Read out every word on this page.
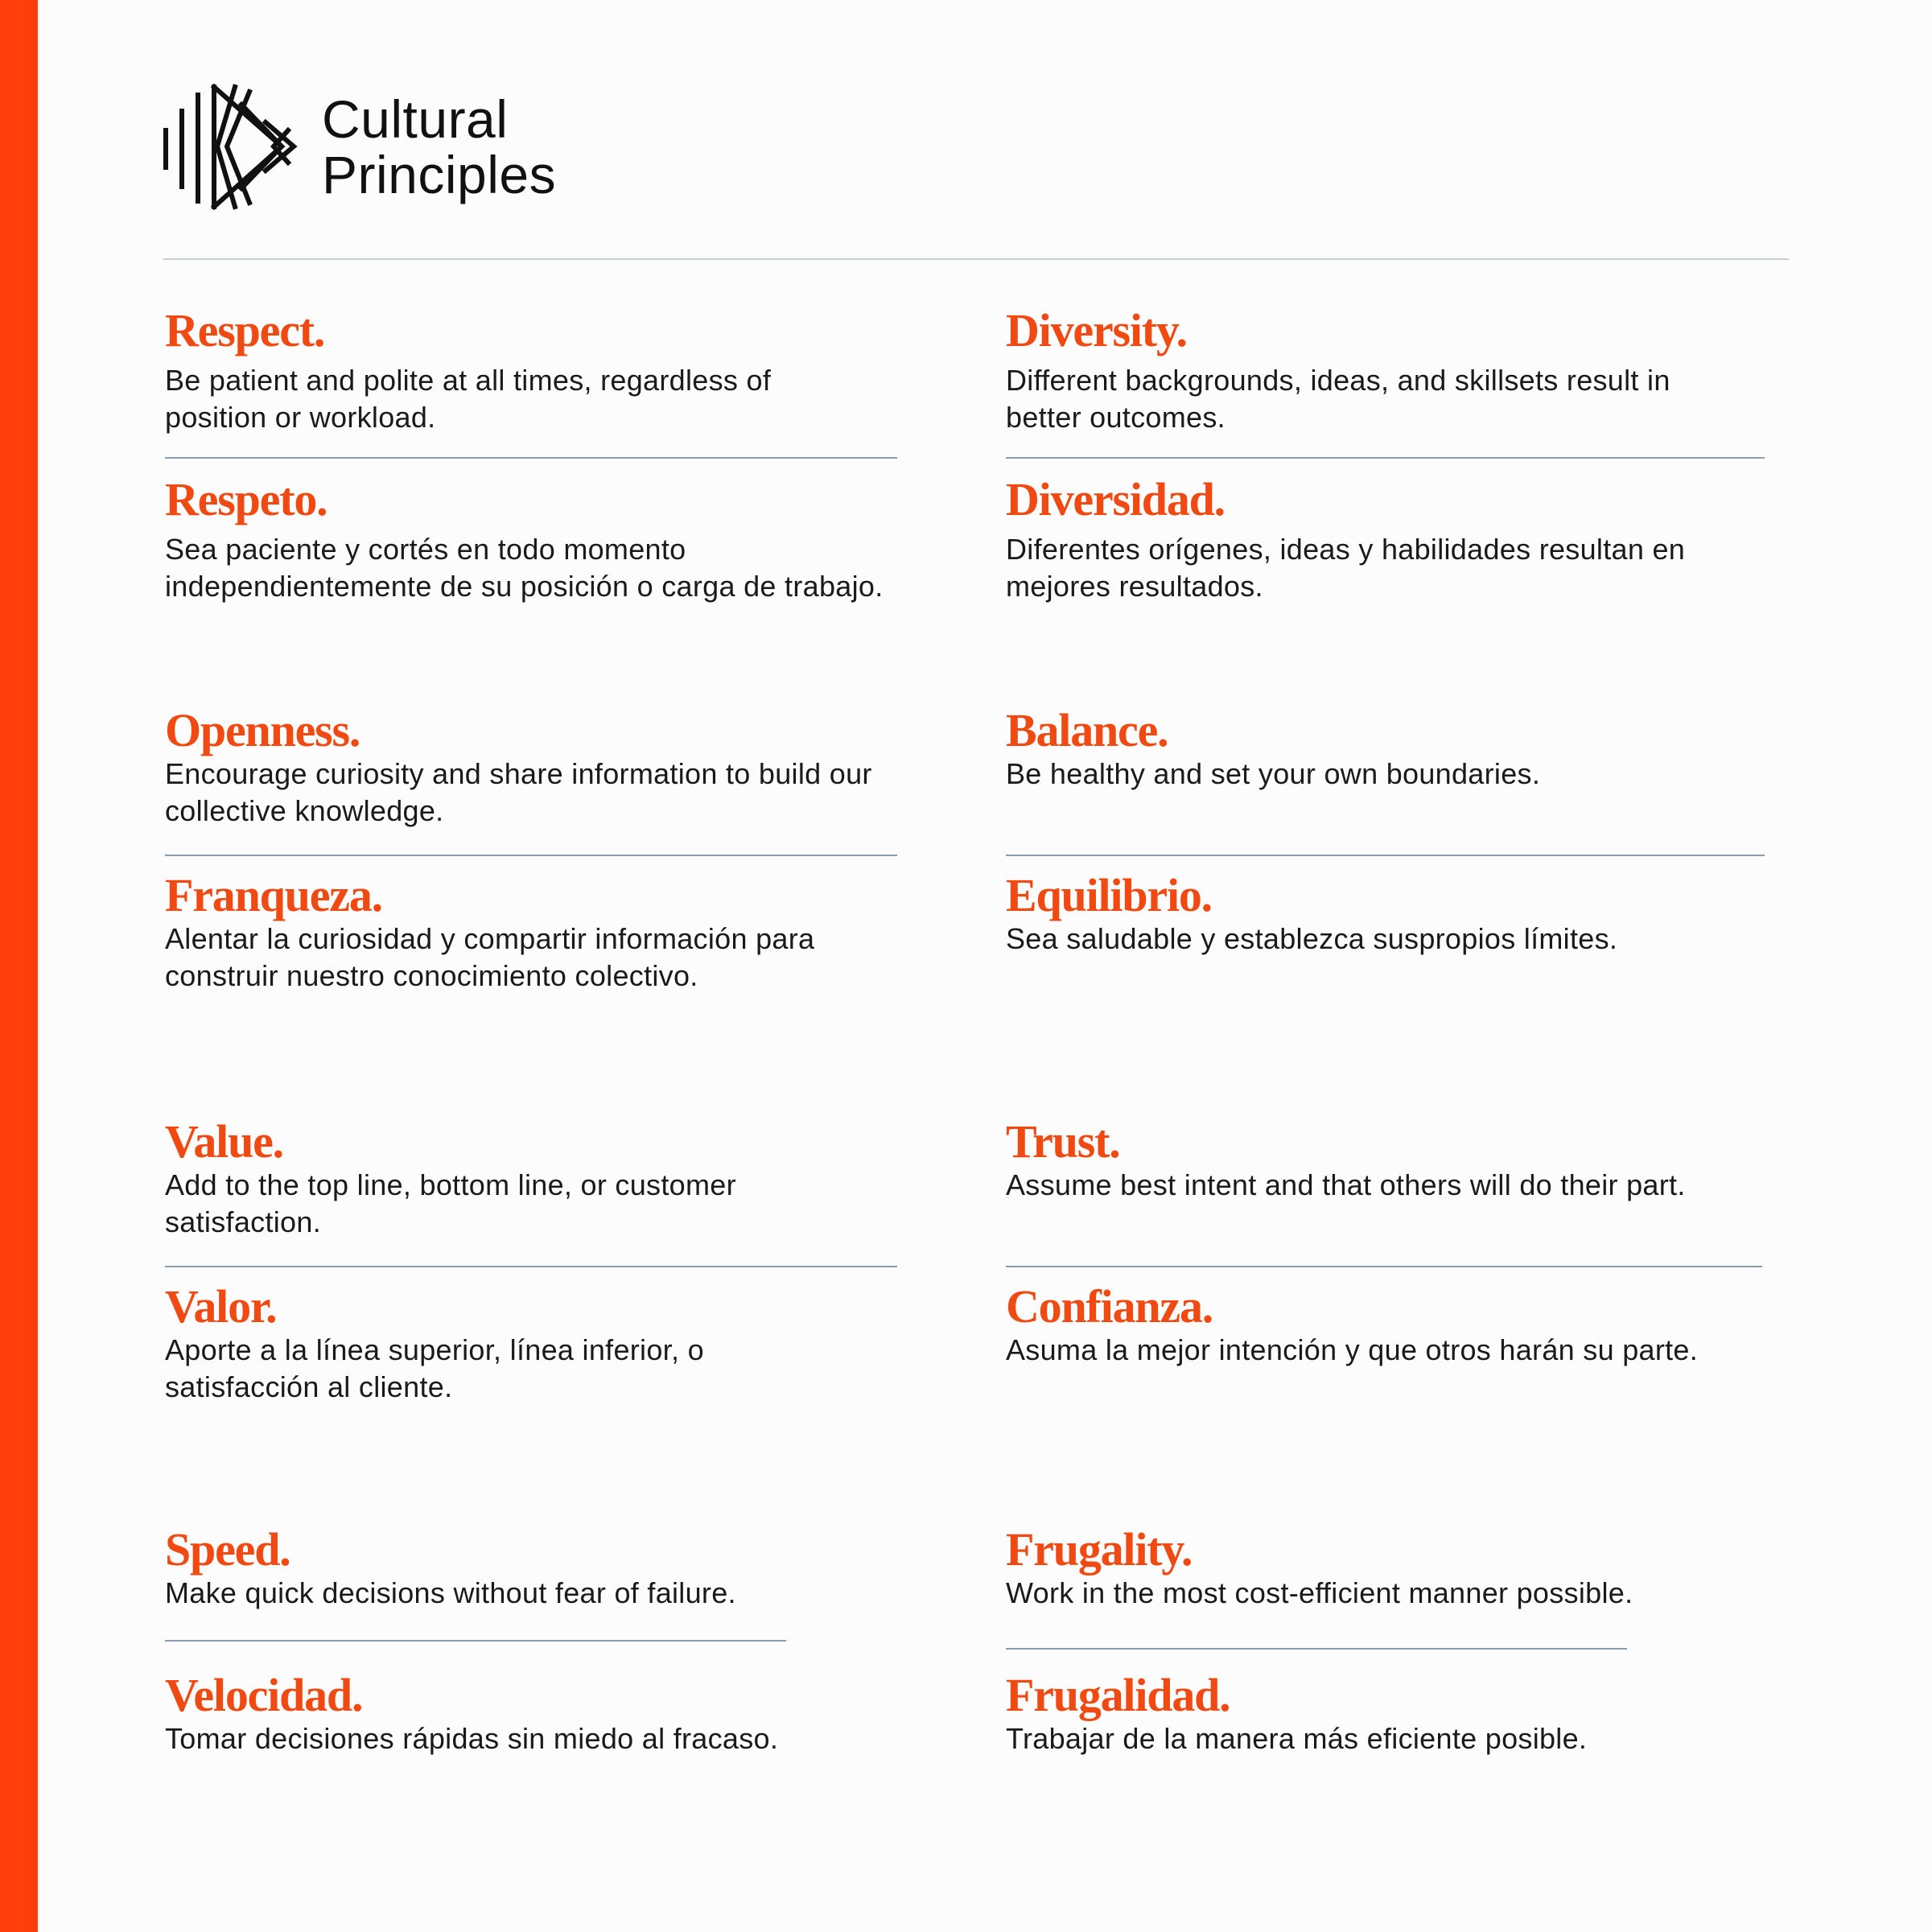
Cultural
Principles
Respect.

Be patient and polite at all times, regardless of position or workload.

Respeto.

Sea paciente y cortés en todo momento independientemente de su posición o carga de trabajo.

Diversity.

Different backgrounds, ideas, and skillsets result in better outcomes.

Diversidad.

Diferentes orígenes, ideas y habilidades resultan en mejores resultados.

Openness.

Encourage curiosity and share information to build our collective knowledge.

Franqueza.

Alentar la curiosidad y compartir información para construir nuestro conocimiento colectivo.

Balance.

Be healthy and set your own boundaries.

Equilibrio.

Sea saludable y establezca suspropios límites.

Value.

Add to the top line, bottom line, or customer satisfaction.

Valor.

Aporte a la línea superior, línea inferior, o satisfacción al cliente.

Trust.

Assume best intent and that others will do their part.

Confianza.

Asuma la mejor intención y que otros harán su parte.

Speed.

Make quick decisions without fear of failure.

Velocidad.

Tomar decisiones rápidas sin miedo al fracaso.

Frugality.

Work in the most cost-efficient manner possible.

Frugalidad.

Trabajar de la manera más eficiente posible.
